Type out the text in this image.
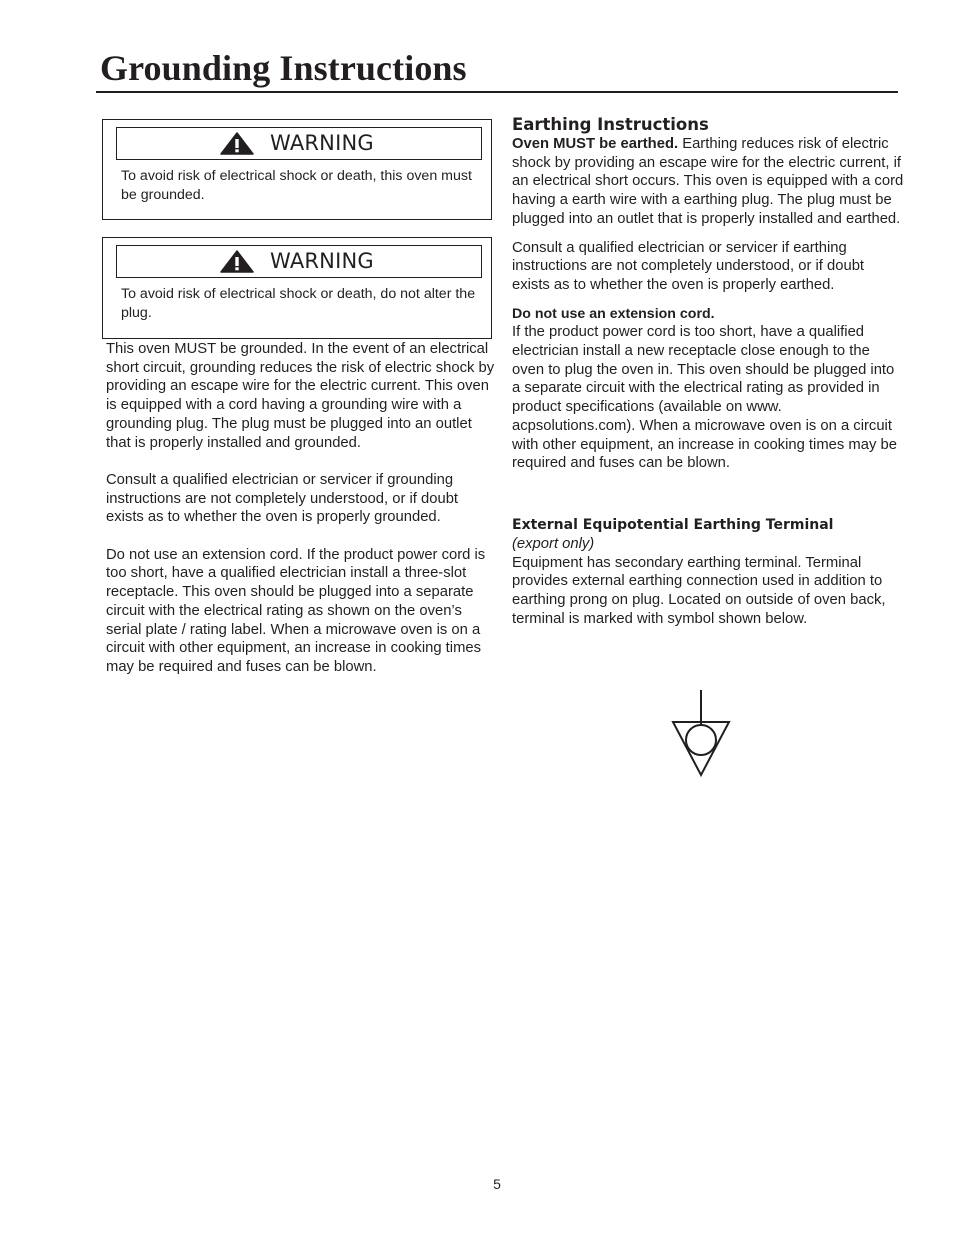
Grounding Instructions
WARNING

To avoid risk of electrical shock or death, this oven must be grounded.

WARNING

To avoid risk of electrical shock or death, do not alter the plug.

This oven MUST be grounded. In the event of an electrical short circuit, grounding reduces the risk of electric shock by providing an escape wire for the electric current. This oven is equipped with a cord having a grounding wire with a grounding plug. The plug must be plugged into an outlet that is properly installed and grounded.

Consult a qualified electrician or servicer if grounding instructions are not completely understood, or if doubt exists as to whether the oven is properly grounded.

Do not use an extension cord. If the product power cord is too short, have a qualified electrician install a three-slot receptacle. This oven should be plugged into a separate circuit with the electrical rating as shown on the oven’s serial plate / rating label. When a microwave oven is on a circuit with other equipment, an increase in cooking times may be required and fuses can be blown.

Earthing Instructions

Oven MUST be earthed. Earthing reduces risk of electric shock by providing an escape wire for the electric current, if an electrical short occurs. This oven is equipped with a cord having a earth wire with a earthing plug. The plug must be plugged into an outlet that is properly installed and earthed.

Consult a qualified electrician or servicer if earthing instructions are not completely understood, or if doubt exists as to whether the oven is properly earthed.

Do not use an extension cord.

If the product power cord is too short, have a qualified electrician install a new receptacle close enough to the oven to plug the oven in. This oven should be plugged into a separate circuit with the electrical rating as provided in product specifications (available on www. acpsolutions.com). When a microwave oven is on a circuit with other equipment, an increase in cooking times may be required and fuses can be blown.

External Equipotential Earthing Terminal

(export only)

Equipment has secondary earthing terminal. Terminal provides external earthing connection used in addition to earthing prong on plug. Located on outside of oven back, terminal is marked with symbol shown below.

5
